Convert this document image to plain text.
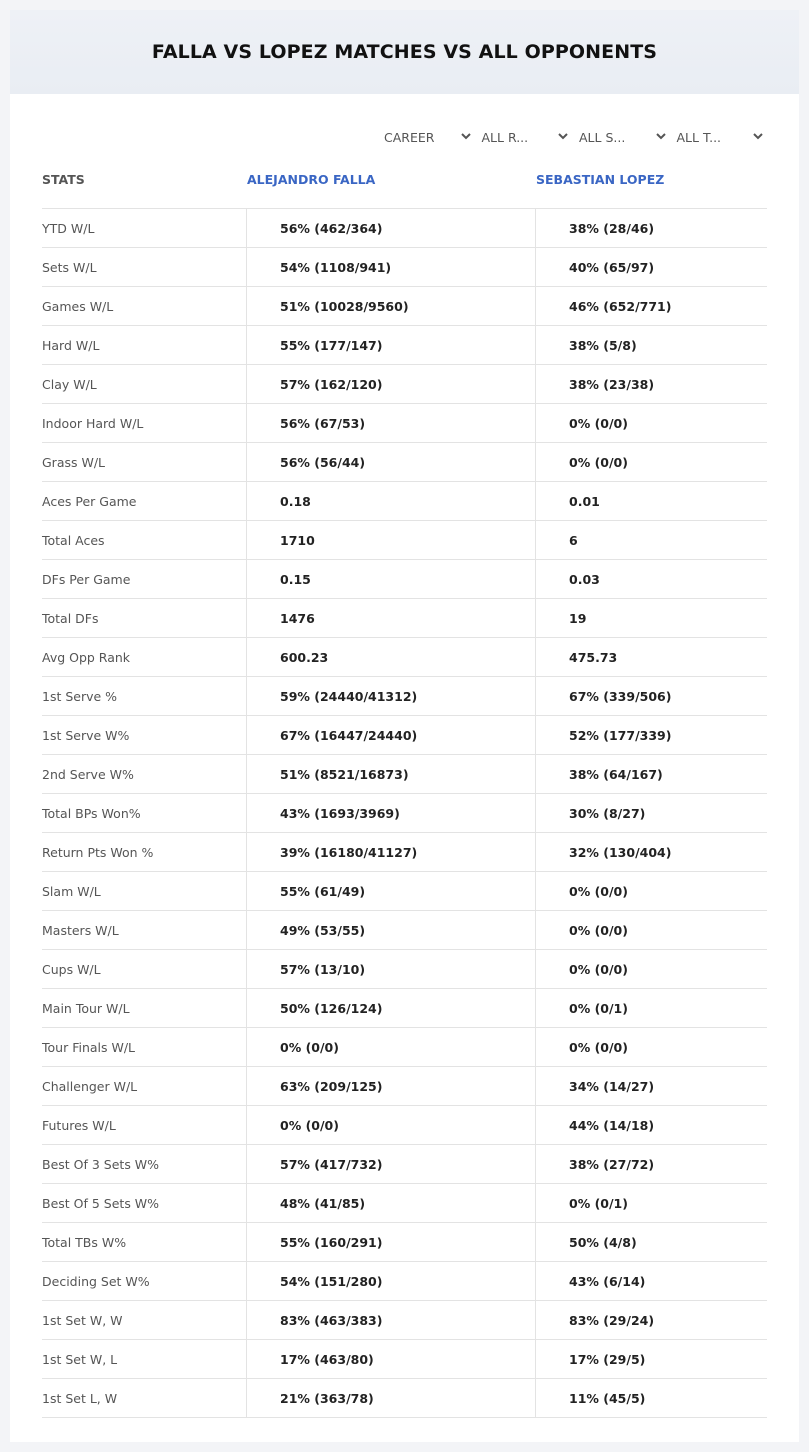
FALLA VS LOPEZ MATCHES VS ALL OPPONENTS
CAREER	ALL R...	ALL S...	ALL T...
STATS	ALEJANDRO FALLA	SEBASTIAN LOPEZ
YTD W/L	56% (462/364)	38% (28/46)
Sets W/L	54% (1108/941)	40% (65/97)
Games W/L	51% (10028/9560)	46% (652/771)
Hard W/L	55% (177/147)	38% (5/8)
Clay W/L	57% (162/120)	38% (23/38)
Indoor Hard W/L	56% (67/53)	0% (0/0)
Grass W/L	56% (56/44)	0% (0/0)
Aces Per Game	0.18	0.01
Total Aces	1710	6
DFs Per Game	0.15	0.03
Total DFs	1476	19
Avg Opp Rank	600.23	475.73
1st Serve %	59% (24440/41312)	67% (339/506)
1st Serve W%	67% (16447/24440)	52% (177/339)
2nd Serve W%	51% (8521/16873)	38% (64/167)
Total BPs Won%	43% (1693/3969)	30% (8/27)
Return Pts Won %	39% (16180/41127)	32% (130/404)
Slam W/L	55% (61/49)	0% (0/0)
Masters W/L	49% (53/55)	0% (0/0)
Cups W/L	57% (13/10)	0% (0/0)
Main Tour W/L	50% (126/124)	0% (0/1)
Tour Finals W/L	0% (0/0)	0% (0/0)
Challenger W/L	63% (209/125)	34% (14/27)
Futures W/L	0% (0/0)	44% (14/18)
Best Of 3 Sets W%	57% (417/732)	38% (27/72)
Best Of 5 Sets W%	48% (41/85)	0% (0/1)
Total TBs W%	55% (160/291)	50% (4/8)
Deciding Set W%	54% (151/280)	43% (6/14)
1st Set W, W	83% (463/383)	83% (29/24)
1st Set W, L	17% (463/80)	17% (29/5)
1st Set L, W	21% (363/78)	11% (45/5)
